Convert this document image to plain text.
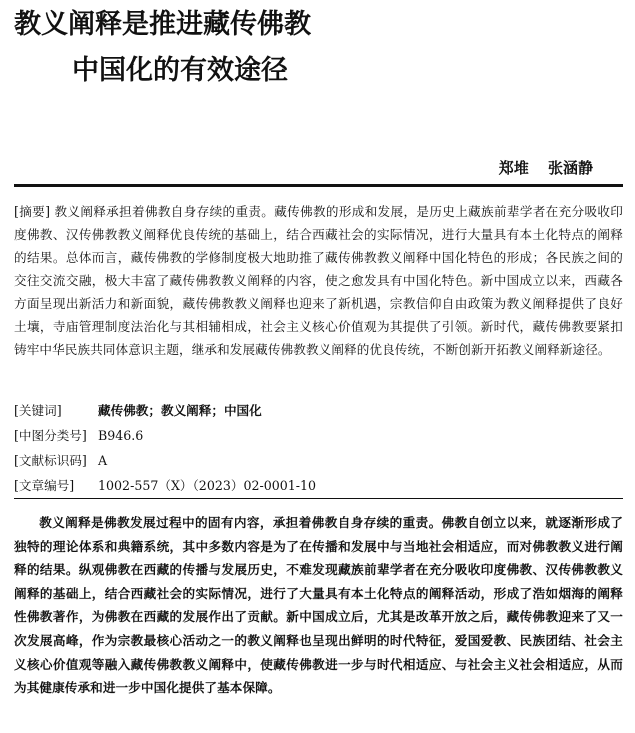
教义阐释是推进藏传佛教
中国化的有效途径
郑堆 张涵静
[摘要] 教义阐释承担着佛教自身存续的重责。藏传佛教的形成和发展，是历史上藏族前辈学者在充分吸收印度佛教、汉传佛教教义阐释优良传统的基础上，结合西藏社会的实际情况，进行大量具有本土化特点的阐释的结果。总体而言，藏传佛教的学修制度极大地助推了藏传佛教教义阐释中国化特色的形成；各民族之间的交往交流交融，极大丰富了藏传佛教教义阐释的内容，使之愈发具有中国化特色。新中国成立以来，西藏各方面呈现出新活力和新面貌，藏传佛教教义阐释也迎来了新机遇，宗教信仰自由政策为教义阐释提供了良好土壤，寺庙管理制度法治化与其相辅相成，社会主义核心价值观为其提供了引领。新时代，藏传佛教要紧扣铸牢中华民族共同体意识主题，继承和发展藏传佛教教义阐释的优良传统，不断创新开拓教义阐释新途径。
[关键词]	藏传佛教；教义阐释；中国化
[中图分类号] B946.6
[文献标识码] A
[文章编号] 1002-557（X）（2023）02-0001-10

教义阐释是佛教发展过程中的固有内容，承担着佛教自身存续的重责。佛教自创立以来，就逐渐形成了独特的理论体系和典籍系统，其中多数内容是为了在传播和发展中与当地社会相适应，而对佛教教义进行阐释的结果。纵观佛教在西藏的传播与发展历史，不难发现藏族前辈学者在充分吸收印度佛教、汉传佛教教义阐释的基础上，结合西藏社会的实际情况，进行了大量具有本土化特点的阐释活动，形成了浩如烟海的阐释性佛教著作，为佛教在西藏的发展作出了贡献。新中国成立后，尤其是改革开放之后，藏传佛教迎来了又一次发展高峰，作为宗教最核心活动之一的教义阐释也呈现出鲜明的时代特征，爱国爱教、民族团结、社会主义核心价值观等融入藏传佛教教义阐释中，使藏传佛教进一步与时代相适应、与社会主义社会相适应，从而为其健康传承和进一步中国化提供了基本保障。
